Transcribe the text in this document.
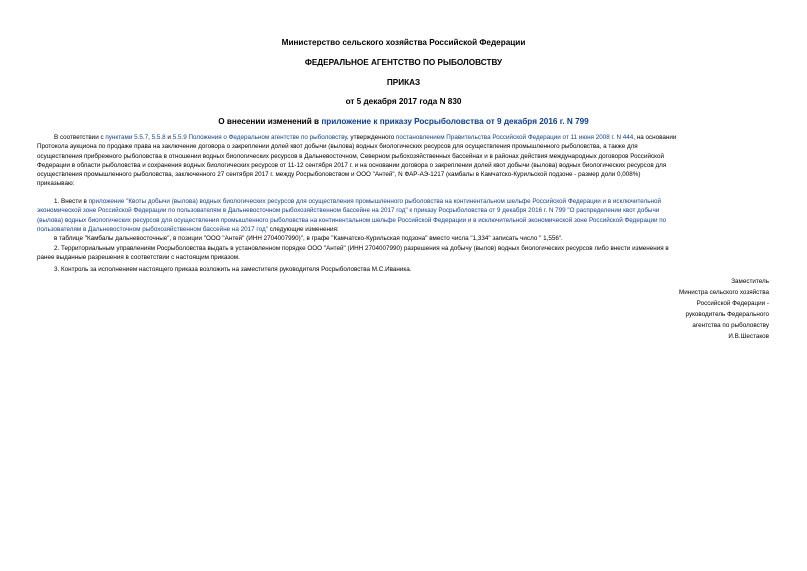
Министерство сельского хозяйства Российской Федерации
ФЕДЕРАЛЬНОЕ АГЕНТСТВО ПО РЫБОЛОВСТВУ
ПРИКАЗ
от 5 декабря 2017 года N 830
О внесении изменений в приложение к приказу Росрыболовства от 9 декабря 2016 г. N 799
В соответствии с пунктами 5.5.7, 5.5.8 и 5.5.9 Положения о Федеральном агентстве по рыболовству, утвержденного постановлением Правительства Российской Федерации от 11 июня 2008 г. N 444, на основании
Протокола аукциона по продаже права на заключение договора о закреплении долей квот добычи (вылова) водных биологических ресурсов для осуществления промышленного рыболовства, а также для
осуществления прибрежного рыболовства в отношении водных биологических ресурсов в Дальневосточном, Северном рыбохозяйственных бассейнах и в районах действия международных договоров Российской
Федерации в области рыболовства и сохранения водных биологических ресурсов от 11-12 сентября 2017 г. и на основании договора о закреплении долей квот добычи (вылова) водных биологических ресурсов для
осуществления промышленного рыболовства, заключенного 27 сентября 2017 г. между Росрыболовством и ООО "Антей", N ФАР-АЭ-1217 (камбалы в Камчатско-Курильской подзоне - размер доли 0,008%)
приказываю:
1. Внести в приложение "Квоты добычи (вылова) водных биологических ресурсов для осуществления промышленного рыболовства на континентальном шельфе Российской Федерации и в исключительной
экономической зоне Российской Федерации по пользователям в Дальневосточном рыбохозяйственном бассейне на 2017 год" к приказу Росрыболовства от 9 декабря 2016 г. N 799 "О распределении квот добычи
(вылова) водных биологических ресурсов для осуществления промышленного рыболовства на континентальном шельфе Российской Федерации и в исключительной экономической зоне Российской Федерации по
пользователям в Дальневосточном рыбохозяйственном бассейне на 2017 год" следующие изменения:
в таблице "Камбалы дальневосточные", в позиции "ООО "Антей" (ИНН 2704007990)", в графе "Камчатско-Курильская подзона" вместо числа "1,334" записать число " 1,556".
2. Территориальным управлениям Росрыболовства выдать в установленном порядке ООО "Антей" (ИНН 2704007990) разрешения на добычу (вылов) водных биологических ресурсов либо внести изменения в
ранее выданные разрешения в соответствии с настоящим приказом.
3. Контроль за исполнением настоящего приказа возложить на заместителя руководителя Росрыболовства М.С.Иваника.
Заместитель
Министра сельского хозяйства
Российской Федерации -
руководитель Федерального
агентства по рыболовству
И.В.Шестаков
